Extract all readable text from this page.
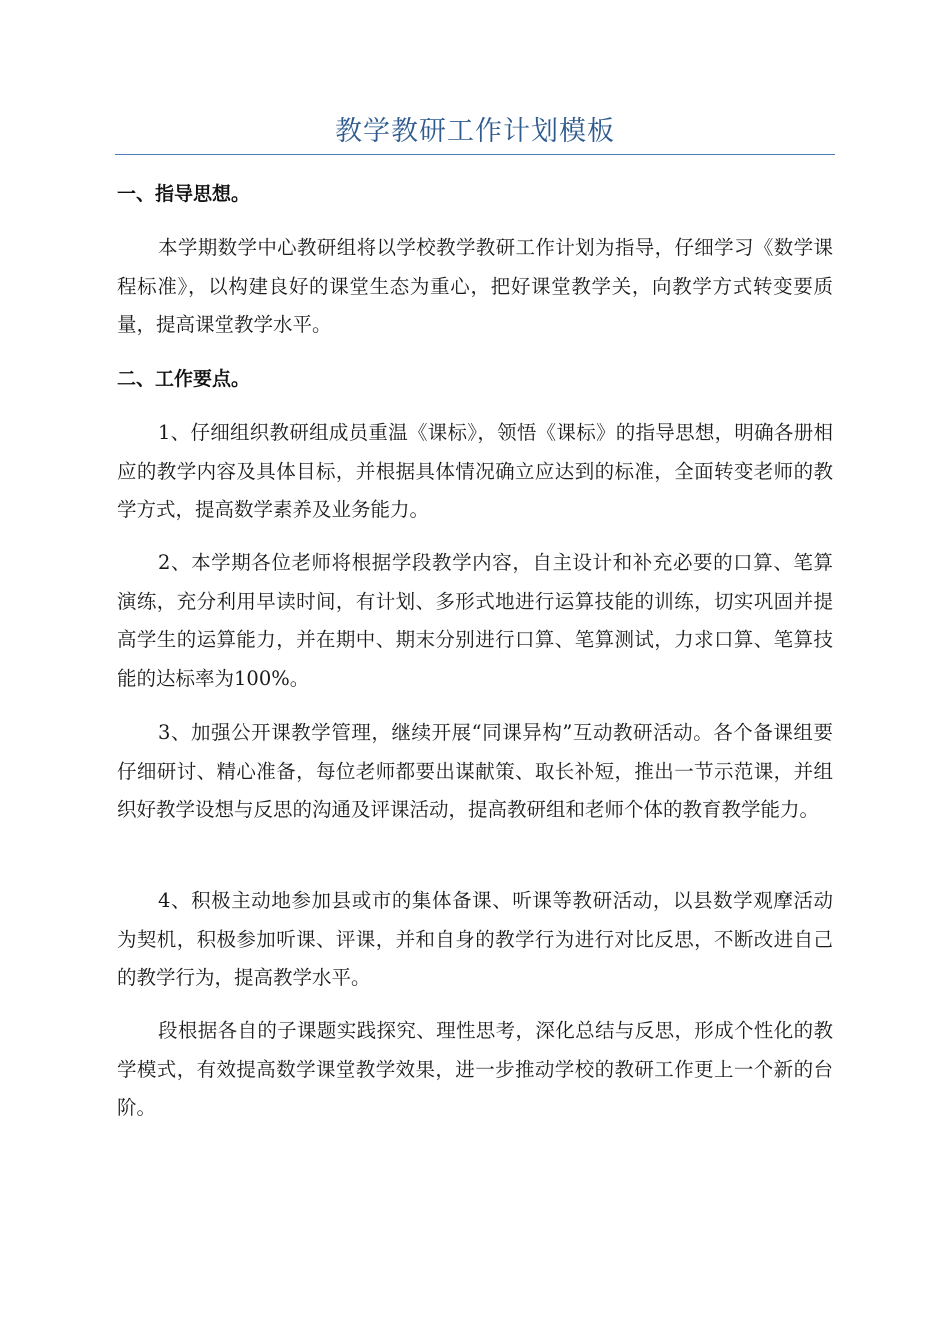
教学教研工作计划模板
一、指导思想。
本学期数学中心教研组将以学校教学教研工作计划为指导，仔细学习《数学课程标准》，以构建良好的课堂生态为重心，把好课堂教学关，向教学方式转变要质量，提高课堂教学水平。
二、工作要点。
1、仔细组织教研组成员重温《课标》，领悟《课标》的指导思想，明确各册相应的教学内容及具体目标，并根据具体情况确立应达到的标准，全面转变老师的教学方式，提高数学素养及业务能力。
2、本学期各位老师将根据学段教学内容，自主设计和补充必要的口算、笔算演练，充分利用早读时间，有计划、多形式地进行运算技能的训练，切实巩固并提高学生的运算能力，并在期中、期末分别进行口算、笔算测试，力求口算、笔算技能的达标率为100%。
3、加强公开课教学管理，继续开展“同课异构”互动教研活动。各个备课组要仔细研讨、精心准备，每位老师都要出谋献策、取长补短，推出一节示范课，并组织好教学设想与反思的沟通及评课活动，提高教研组和老师个体的教育教学能力。
4、积极主动地参加县或市的集体备课、听课等教研活动，以县数学观摩活动为契机，积极参加听课、评课，并和自身的教学行为进行对比反思，不断改进自己的教学行为，提高教学水平。
段根据各自的子课题实践探究、理性思考，深化总结与反思，形成个性化的教学模式，有效提高数学课堂教学效果，进一步推动学校的教研工作更上一个新的台阶。
